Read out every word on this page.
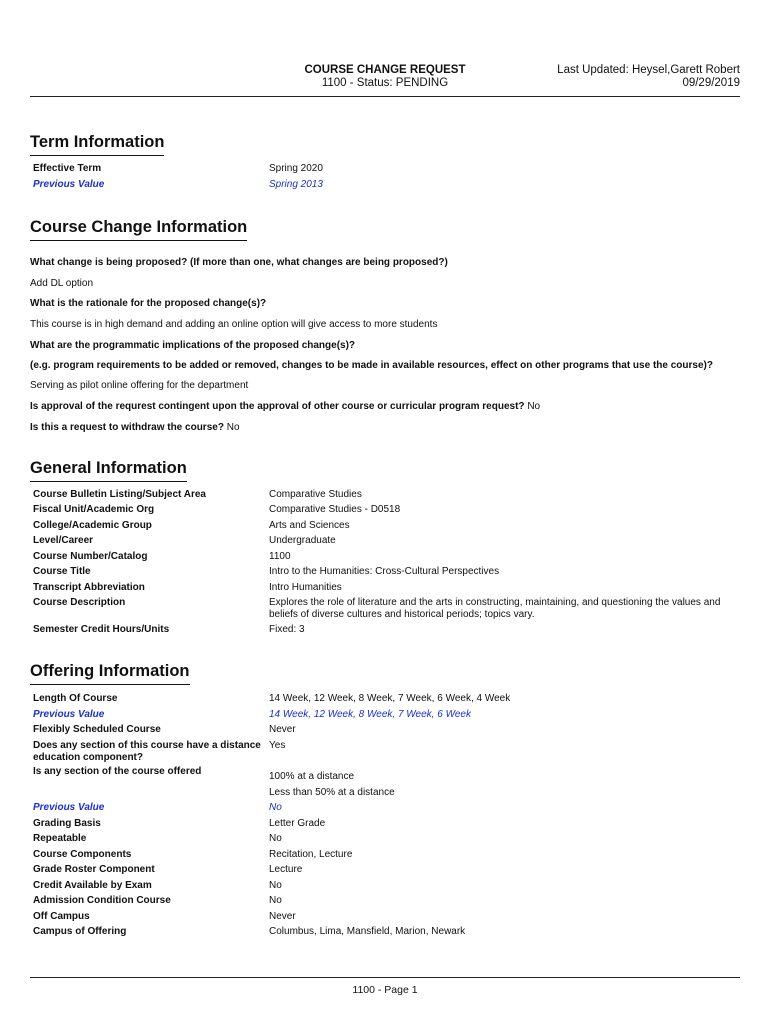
COURSE CHANGE REQUEST
1100 - Status: PENDING
Last Updated: Heysel,Garett Robert
09/29/2019
Term Information
Effective Term	Spring 2020
Previous Value	Spring 2013
Course Change Information
What change is being proposed? (If more than one, what changes are being proposed?)
Add DL option
What is the rationale for the proposed change(s)?
This course is in high demand and adding an online option will give access to more students
What are the programmatic implications of the proposed change(s)?
(e.g. program requirements to be added or removed, changes to be made in available resources, effect on other programs that use the course)?
Serving as pilot online offering for the department
Is approval of the requrest contingent upon the approval of other course or curricular program request? No
Is this a request to withdraw the course? No
General Information
Course Bulletin Listing/Subject Area	Comparative Studies
Fiscal Unit/Academic Org	Comparative Studies - D0518
College/Academic Group	Arts and Sciences
Level/Career	Undergraduate
Course Number/Catalog	1100
Course Title	Intro to the Humanities: Cross-Cultural Perspectives
Transcript Abbreviation	Intro Humanities
Course Description	Explores the role of literature and the arts in constructing, maintaining, and questioning the values and beliefs of diverse cultures and historical periods; topics vary.
Semester Credit Hours/Units	Fixed: 3
Offering Information
Length Of Course	14 Week, 12 Week, 8 Week, 7 Week, 6 Week, 4 Week
Previous Value	14 Week, 12 Week, 8 Week, 7 Week, 6 Week
Flexibly Scheduled Course	Never
Does any section of this course have a distance education component?
Yes
Is any section of the course offered	100% at a distance
Less than 50% at a distance
Previous Value	No
Grading Basis	Letter Grade
Repeatable	No
Course Components	Recitation, Lecture
Grade Roster Component	Lecture
Credit Available by Exam	No
Admission Condition Course	No
Off Campus	Never
Campus of Offering	Columbus, Lima, Mansfield, Marion, Newark
1100 - Page 1
